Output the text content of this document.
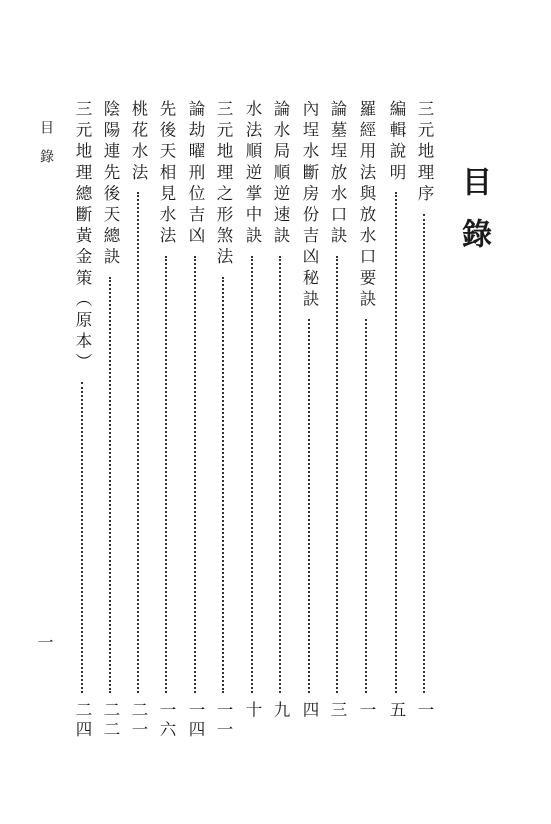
目錄
三元地理序
一
編輯說明
五
羅經用法與放水口要訣
一
論墓埕放水口訣
三
內埕水斷房份吉凶秘訣
四
論水局順逆速訣
九
水法順逆掌中訣
十
三元地理之形煞法
一一
論劫曜刑位吉凶
一四
先後天相見水法
一六
桃花水法
二一
陰陽連先後天總訣
二二
三元地理總斷黃金策（原本）
二四
目錄
一
